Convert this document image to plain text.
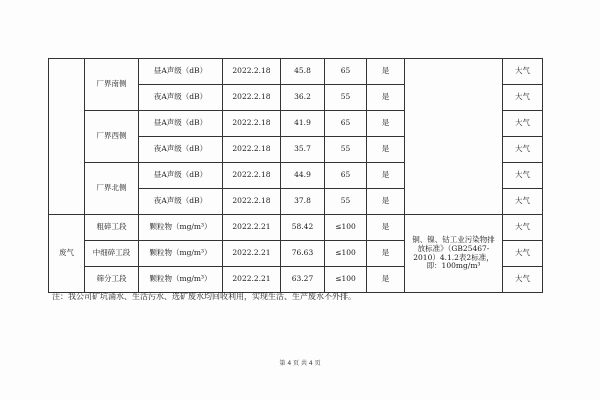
	厂界南侧	昼A声级（dB）	2022.2.18	45.8	65	是		大气
		夜A声级（dB）	2022.2.18	36.2	55	是		大气
	厂界西侧	昼A声级（dB）	2022.2.18	41.9	65	是		大气
		夜A声级（dB）	2022.2.18	35.7	55	是		大气
	厂界北侧	昼A声级（dB）	2022.2.18	44.9	65	是		大气
		夜A声级（dB）	2022.2.18	37.8	55	是		大气
废气	粗碎工段	颗粒物（mg/m³）	2022.2.21	58.42	≤100	是	铜、镍、钴工业污染物排放标准》（GB25467-2010）4.1.2表2标准，即：100mg/m³	大气
	中细碎工段	颗粒物（mg/m³）	2022.2.21	76.63	≤100	是		大气
	筛分工段	颗粒物（mg/m³）	2022.2.21	63.27	≤100	是		大气
注：我公司矿坑涌水、生活污水、选矿废水均回收利用，实现生活、生产废水不外排。
第 4 页 共 4 页
